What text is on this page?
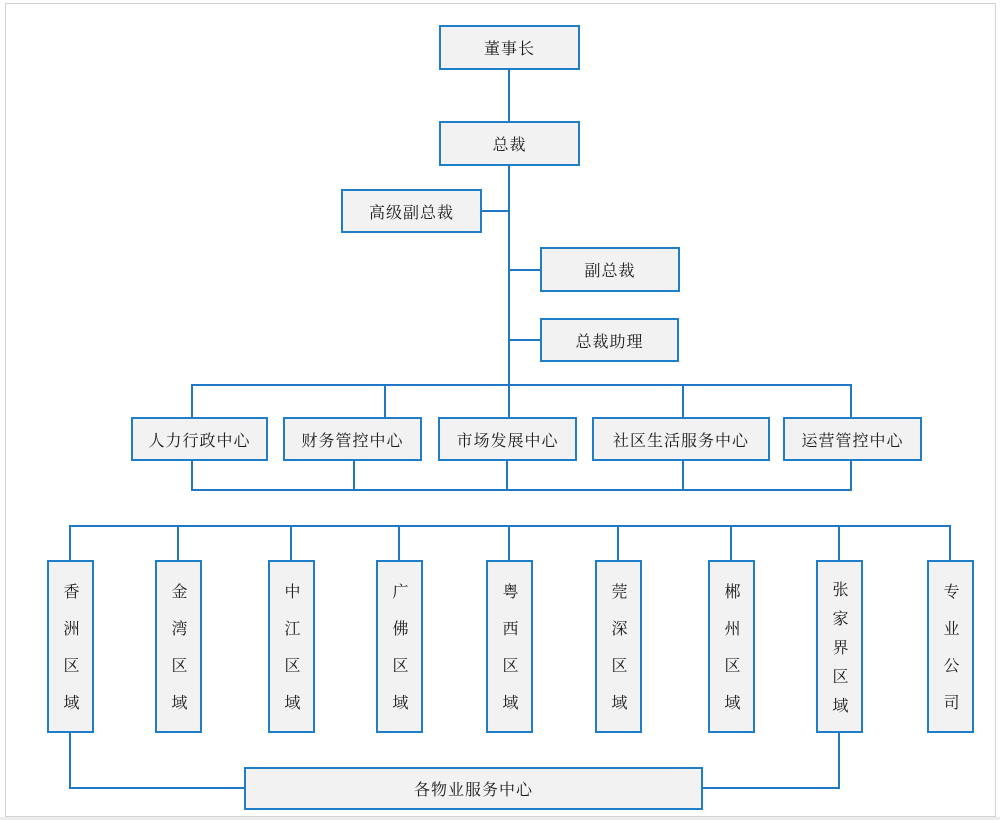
董事长
总裁
高级副总裁
副总裁
总裁助理
人力行政中心	财务管控中心	市场发展中心	社区生活服务中心	运营管控中心
香洲区域	金湾区域	中江区域	广佛区域	粤西区域	莞深区域	郴州区域	张家界区域	专业公司
各物业服务中心
